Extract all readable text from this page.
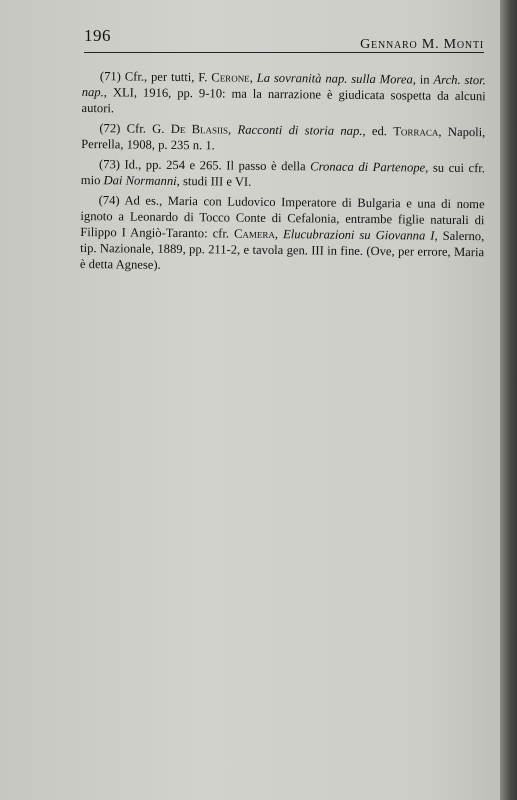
196	Gennaro M. Monti

(71) Cfr., per tutti, F. Cerone, La sovranità nap. sulla Morea, in Arch. stor. nap., XLI, 1916, pp. 9-10: ma la narrazione è giudicata sospetta da alcuni autori.

(72) Cfr. G. De Blasiis, Racconti di storia nap., ed. Torraca, Napoli, Perrella, 1908, p. 235 n. 1.

(73) Id., pp. 254 e 265. Il passo è della Cronaca di Partenope, su cui cfr. mio Dai Normanni, studi III e VI.

(74) Ad es., Maria con Ludovico Imperatore di Bulgaria e una di nome ignoto a Leonardo di Tocco Conte di Cefalonia, entrambe figlie naturali di Filippo I Angiò-Taranto: cfr. Camera, Elucubrazioni su Giovanna I, Salerno, tip. Nazionale, 1889, pp. 211-2, e tavola gen. III in fine. (Ove, per errore, Maria è detta Agnese).
